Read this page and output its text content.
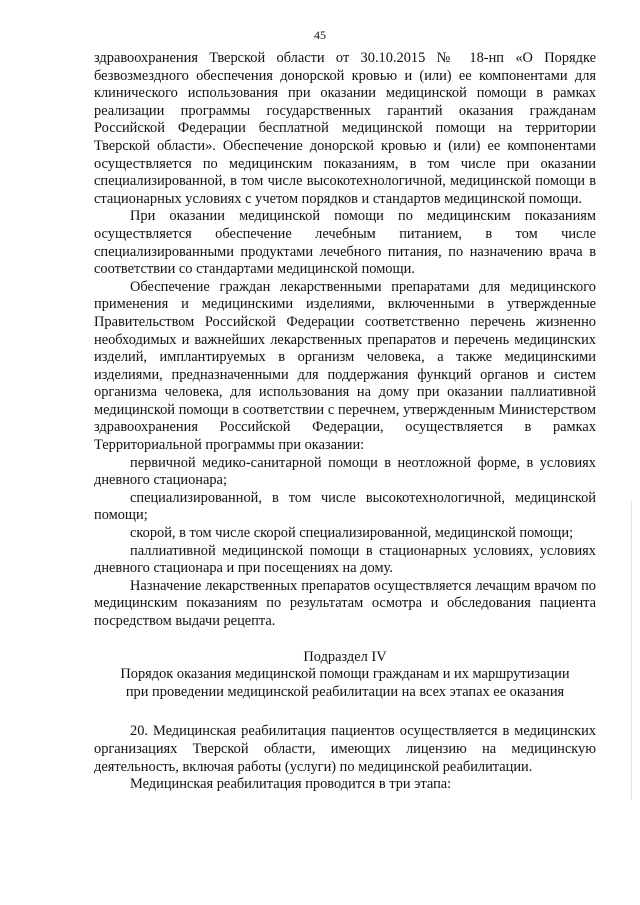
45

здравоохранения Тверской области от 30.10.2015 № 18-нп «О Порядке безвозмездного обеспечения донорской кровью и (или) ее компонентами для клинического использования при оказании медицинской помощи в рамках реализации программы государственных гарантий оказания гражданам Российской Федерации бесплатной медицинской помощи на территории Тверской области». Обеспечение донорской кровью и (или) ее компонентами осуществляется по медицинским показаниям, в том числе при оказании специализированной, в том числе высокотехнологичной, медицинской помощи в стационарных условиях с учетом порядков и стандартов медицинской помощи.

При оказании медицинской помощи по медицинским показаниям осуществляется обеспечение лечебным питанием, в том числе специализированными продуктами лечебного питания, по назначению врача в соответствии со стандартами медицинской помощи.

Обеспечение граждан лекарственными препаратами для медицинского применения и медицинскими изделиями, включенными в утвержденные Правительством Российской Федерации соответственно перечень жизненно необходимых и важнейших лекарственных препаратов и перечень медицинских изделий, имплантируемых в организм человека, а также медицинскими изделиями, предназначенными для поддержания функций органов и систем организма человека, для использования на дому при оказании паллиативной медицинской помощи в соответствии с перечнем, утвержденным Министерством здравоохранения Российской Федерации, осуществляется в рамках Территориальной программы при оказании:

первичной медико-санитарной помощи в неотложной форме, в условиях дневного стационара;

специализированной, в том числе высокотехнологичной, медицинской помощи;

скорой, в том числе скорой специализированной, медицинской помощи;

паллиативной медицинской помощи в стационарных условиях, условиях дневного стационара и при посещениях на дому.

Назначение лекарственных препаратов осуществляется лечащим врачом по медицинским показаниям по результатам осмотра и обследования пациента посредством выдачи рецепта.

Подраздел IV

Порядок оказания медицинской помощи гражданам и их маршрутизации

при проведении медицинской реабилитации на всех этапах ее оказания

20. Медицинская реабилитация пациентов осуществляется в медицинских организациях Тверской области, имеющих лицензию на медицинскую деятельность, включая работы (услуги) по медицинской реабилитации.

Медицинская реабилитация проводится в три этапа:
